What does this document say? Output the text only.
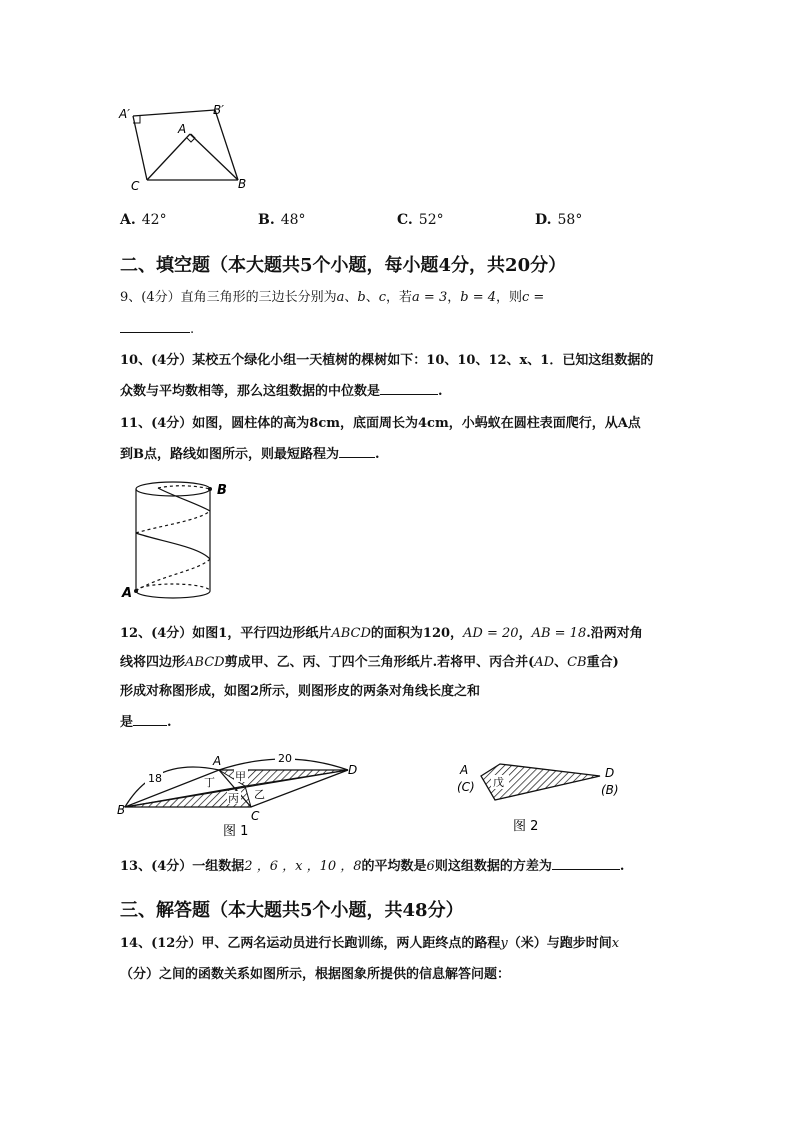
A′	B′
A
C	B
A. 42°	B. 48°	C. 52°	D. 58°
二、填空题（本大题共5个小题，每小题4分，共20分）
9、(4分）直角三角形的三边长分别为a、b、c，若a = 3，b = 4，则c =
.
10、(4分）某校五个绿化小组一天植树的棵树如下：10、10、12、x、1．已知这组数据的
众数与平均数相等，那么这组数据的中位数是	.
11、(4分）如图，圆柱体的高为8cm，底面周长为4cm，小蚂蚁在圆柱表面爬行，从A点
到B点，路线如图所示，则最短路程为	.
B
A
12、(4分）如图1，平行四边形纸片ABCD的面积为120，AD = 20，AB = 18.沿两对角
线将四边形ABCD剪成甲、乙、丙、丁四个三角形纸片.若将甲、丙合并(AD、CB重合)
形成对称图形成，如图2所示，则图形皮的两条对角线长度之和
是	.
18
20
A
D
B	C
甲
丁
丙 乙
图 1
戊
A
(C)
D
(B)
图 2
13、(4分）一组数据2 ，6 ，x ，10 ，8的平均数是6则这组数据的方差为	.
三、解答题（本大题共5个小题，共48分）
14、(12分）甲、乙两名运动员进行长跑训练，两人距终点的路程y（米）与跑步时间x
（分）之间的函数关系如图所示，根据图象所提供的信息解答问题：
